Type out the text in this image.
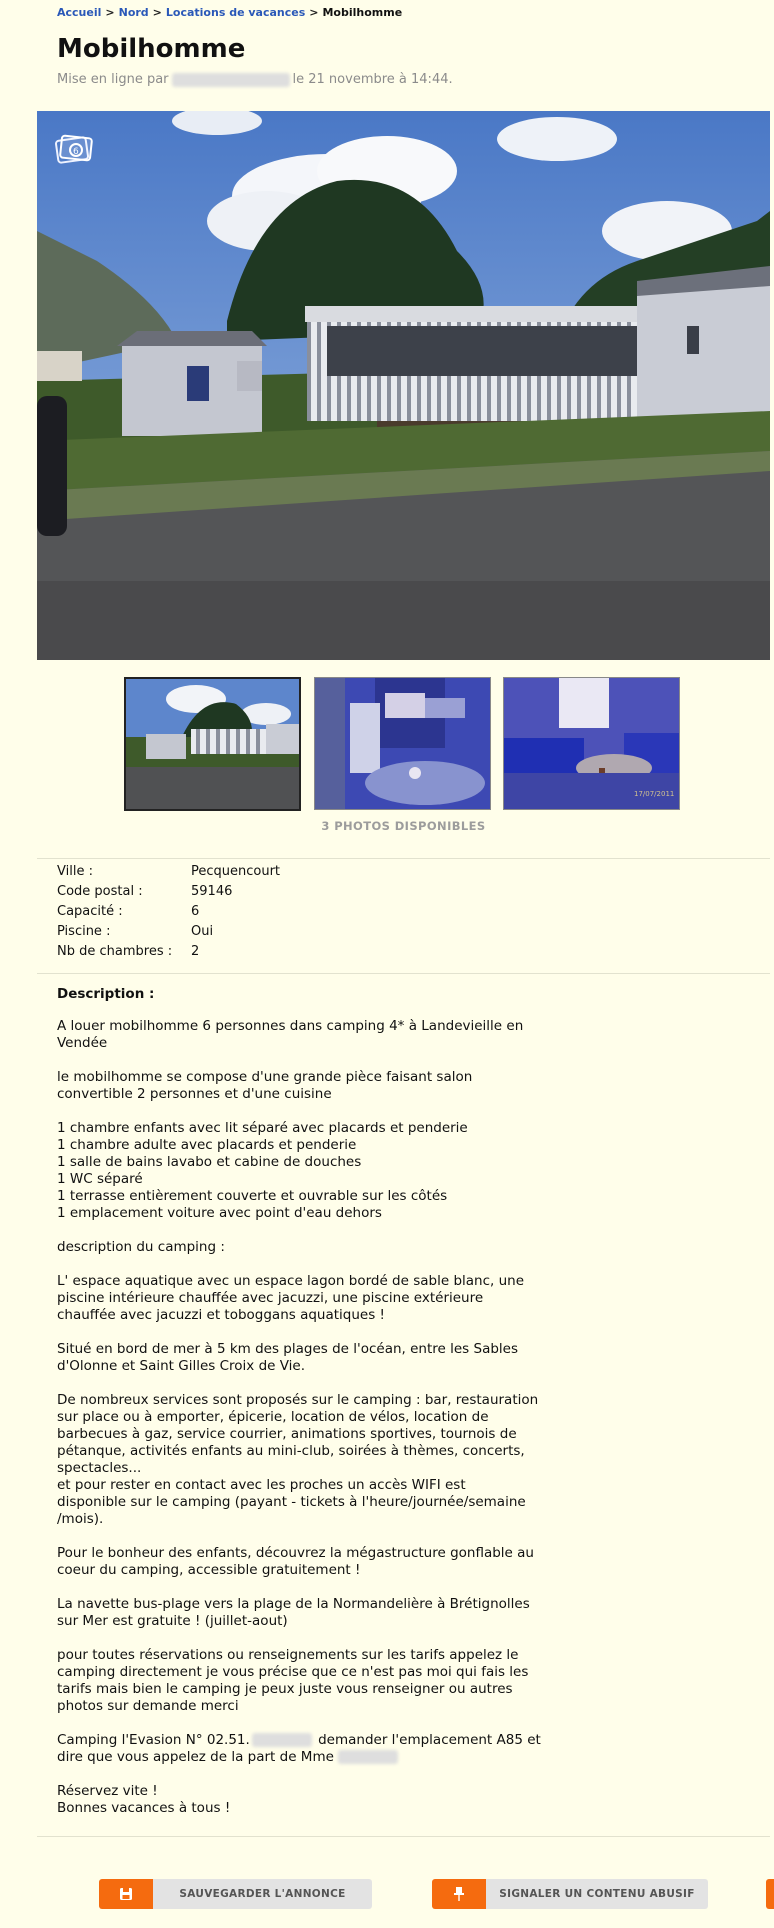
Accueil > Nord > Locations de vacances > Mobilhomme
Mobilhomme
Mise en ligne par	le 21 novembre à 14:44.
6
17/07/2011
3 PHOTOS DISPONIBLES
Ville :	Pecquencourt
Code postal :	59146
Capacité :	6
Piscine :	Oui
Nb de chambres :	2
Description :

A louer mobilhomme 6 personnes dans camping 4* à Landevieille en
Vendée

le mobilhomme se compose d'une grande pièce faisant salon
convertible 2 personnes et d'une cuisine

1 chambre enfants avec lit séparé avec placards et penderie
1 chambre adulte avec placards et penderie
1 salle de bains lavabo et cabine de douches
1 WC séparé
1 terrasse entièrement couverte et ouvrable sur les côtés
1 emplacement voiture avec point d'eau dehors

description du camping :

L' espace aquatique avec un espace lagon bordé de sable blanc, une
piscine intérieure chauffée avec jacuzzi, une piscine extérieure
chauffée avec jacuzzi et toboggans aquatiques !

Situé en bord de mer à 5 km des plages de l'océan, entre les Sables
d'Olonne et Saint Gilles Croix de Vie.

De nombreux services sont proposés sur le camping : bar, restauration
sur place ou à emporter, épicerie, location de vélos, location de
barbecues à gaz, service courrier, animations sportives, tournois de
pétanque, activités enfants au mini-club, soirées à thèmes, concerts,
spectacles...
et pour rester en contact avec les proches un accès WIFI est
disponible sur le camping (payant - tickets à l'heure/journée/semaine
/mois).

Pour le bonheur des enfants, découvrez la mégastructure gonflable au
coeur du camping, accessible gratuitement !

La navette bus-plage vers la plage de la Normandelière à Brétignolles
sur Mer est gratuite ! (juillet-aout)

pour toutes réservations ou renseignements sur les tarifs appelez le
camping directement je vous précise que ce n'est pas moi qui fais les
tarifs mais bien le camping je peux juste vous renseigner ou autres
photos sur demande merci

Camping l'Evasion N° 02.51.	demander l'emplacement A85 et
dire que vous appelez de la part de Mme

Réservez vite !
Bonnes vacances à tous !

SAUVEGARDER L'ANNONCE	SIGNALER UN CONTENU ABUSIF
